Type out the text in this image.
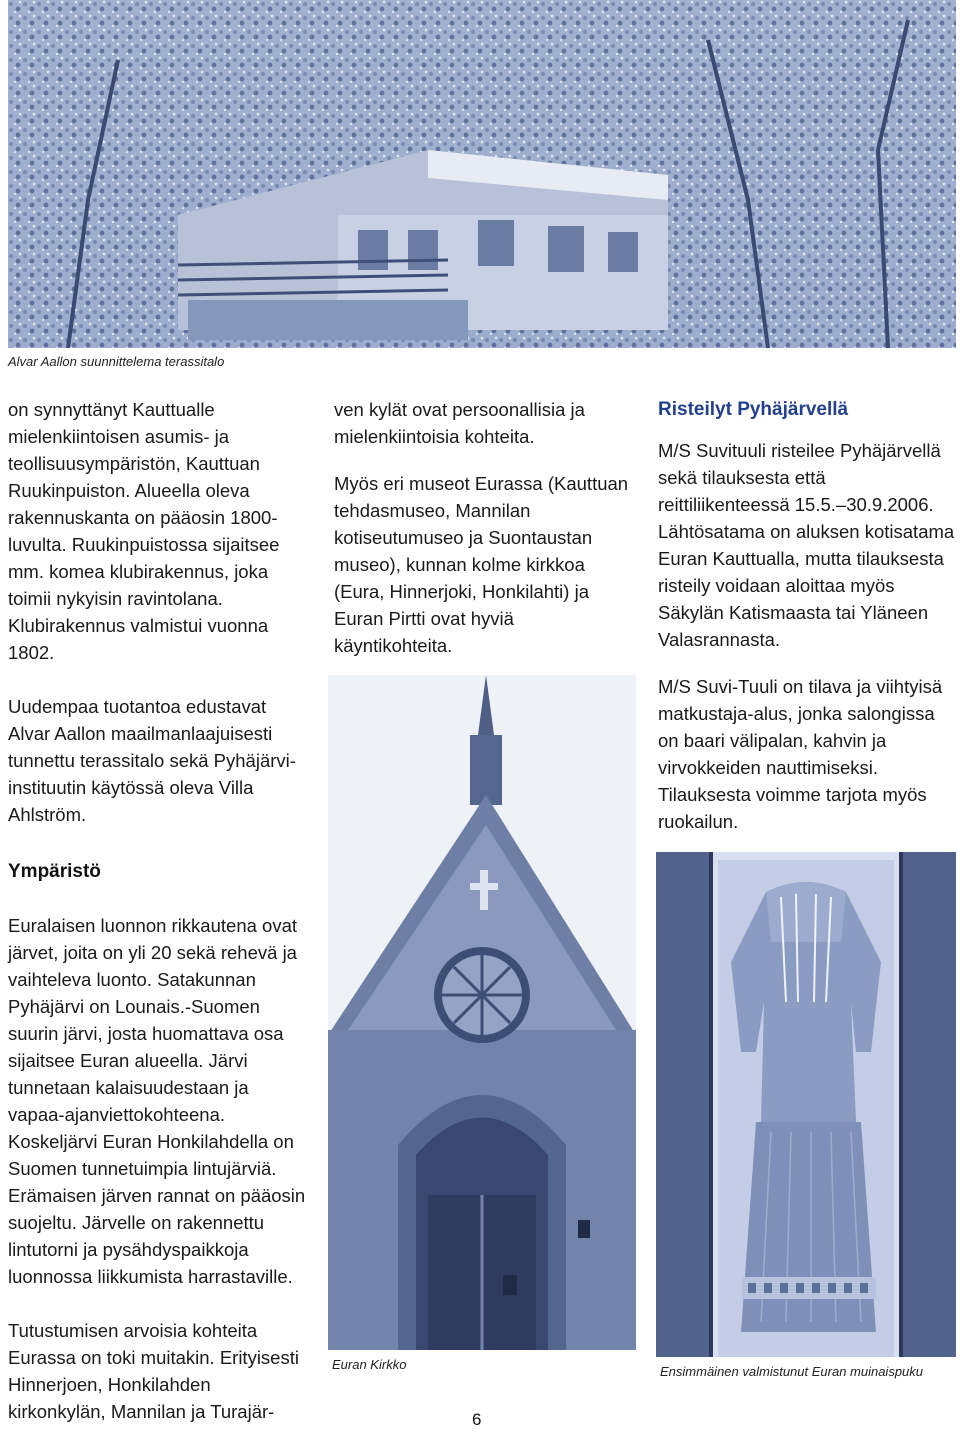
Alvar Aallon suunnittelema terassitalo

on synnyttänyt Kauttualle mielenkiintoisen asumis- ja teollisuusympäristön, Kauttuan Ruukinpuiston. Alueella oleva rakennuskanta on pääosin 1800-luvulta. Ruukinpuistossa sijaitsee mm. komea klubirakennus, joka toimii nykyisin ravintolana. Klubirakennus valmistui vuonna 1802.

Uudempaa tuotantoa edustavat Alvar Aallon maailmanlaajuisesti tunnettu terassitalo sekä Pyhäjärvi-instituutin käytössä oleva Villa Ahlström.

Ympäristö

Euralaisen luonnon rikkautena ovat järvet, joita on yli 20 sekä rehevä ja vaihteleva luonto. Satakunnan Pyhäjärvi on Lounais.-Suomen suurin järvi, josta huomattava osa sijaitsee Euran alueella. Järvi tunnetaan kalaisuudestaan ja vapaa-ajanviettokohteena. Koskeljärvi Euran Honkilahdella on Suomen tunnetuimpia lintujärviä. Erämaisen järven rannat on pääosin suojeltu. Järvelle on rakennettu lintutorni ja pysähdyspaikkoja luonnossa liikkumista harrastaville.

Tutustumisen arvoisia kohteita Eurassa on toki muitakin. Erityisesti Hinnerjoen, Honkilahden kirkonkylän, Mannilan ja Turajär-

ven kylät ovat persoonallisia ja mielenkiintoisia kohteita.

Myös eri museot Eurassa (Kauttuan tehdasmuseo, Mannilan kotiseutumuseo ja Suontaustan museo), kunnan kolme kirkkoa (Eura, Hinnerjoki, Honkilahti) ja Euran Pirtti ovat hyviä käyntikohteita.

Euran Kirkko
Risteilyt Pyhäjärvellä

M/S Suvituuli risteilee Pyhäjärvellä sekä tilauksesta että reittiliikenteessä 15.5.–30.9.2006. Lähtösatama on aluksen kotisatama Euran Kauttualla, mutta tilauksesta risteily voidaan aloittaa myös Säkylän Katismaasta tai Yläneen Valasrannasta.

M/S Suvi-Tuuli on tilava ja viihtyisä matkustaja-alus, jonka salongissa on baari välipalan, kahvin ja virvokkeiden nauttimiseksi. Tilauksesta voimme tarjota myös ruokailun.

Ensimmäinen valmistunut Euran muinaispuku
6
